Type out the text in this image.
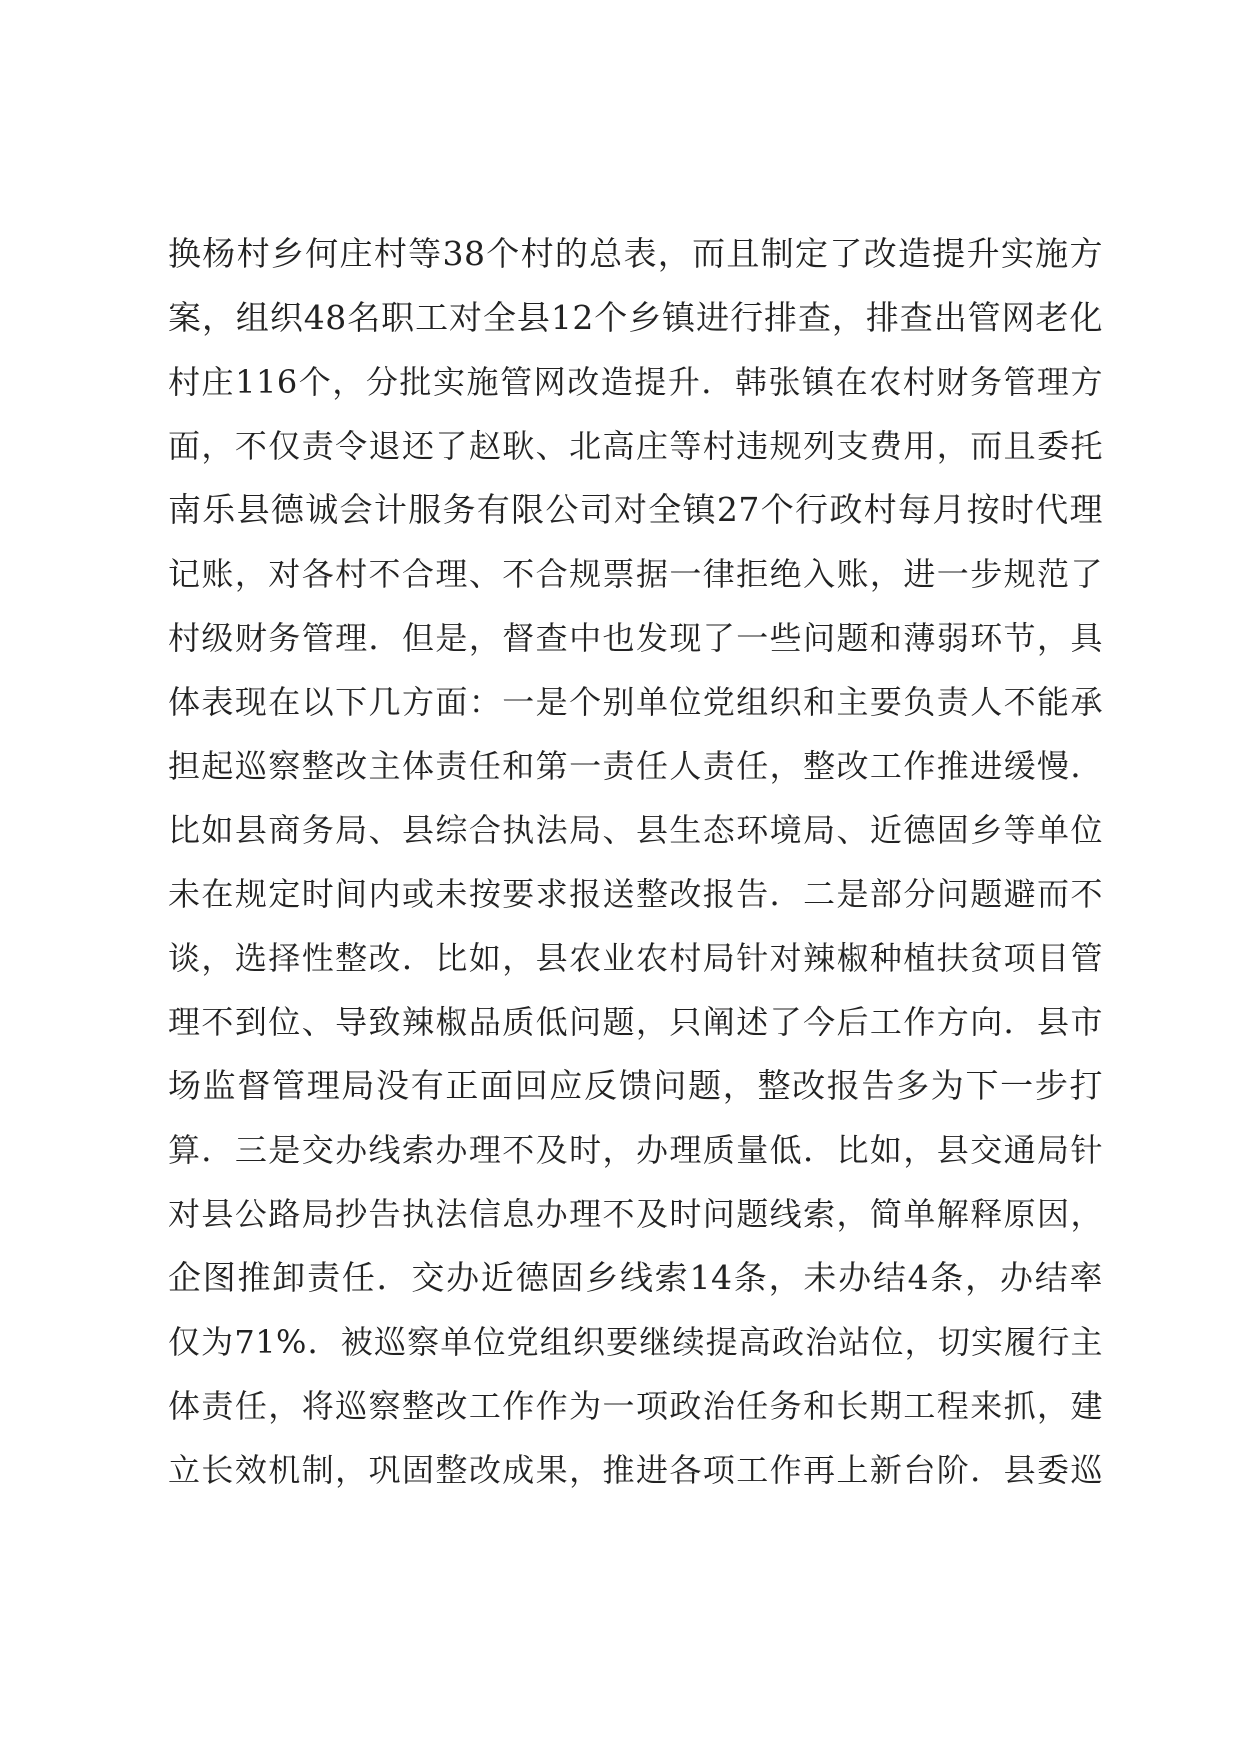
换杨村乡何庄村等38个村的总表，而且制定了改造提升实施方
案，组织48名职工对全县12个乡镇进行排查，排查出管网老化
村庄116个，分批实施管网改造提升．韩张镇在农村财务管理方
面，不仅责令退还了赵耿、北高庄等村违规列支费用，而且委托
南乐县德诚会计服务有限公司对全镇27个行政村每月按时代理
记账，对各村不合理、不合规票据一律拒绝入账，进一步规范了
村级财务管理．但是，督查中也发现了一些问题和薄弱环节，具
体表现在以下几方面：一是个别单位党组织和主要负责人不能承
担起巡察整改主体责任和第一责任人责任，整改工作推进缓慢．
比如县商务局、县综合执法局、县生态环境局、近德固乡等单位
未在规定时间内或未按要求报送整改报告．二是部分问题避而不
谈，选择性整改．比如，县农业农村局针对辣椒种植扶贫项目管
理不到位、导致辣椒品质低问题，只阐述了今后工作方向．县市
场监督管理局没有正面回应反馈问题，整改报告多为下一步打
算．三是交办线索办理不及时，办理质量低．比如，县交通局针
对县公路局抄告执法信息办理不及时问题线索，简单解释原因，
企图推卸责任．交办近德固乡线索14条，未办结4条，办结率
仅为71%．被巡察单位党组织要继续提高政治站位，切实履行主
体责任，将巡察整改工作作为一项政治任务和长期工程来抓，建
立长效机制，巩固整改成果，推进各项工作再上新台阶．县委巡
